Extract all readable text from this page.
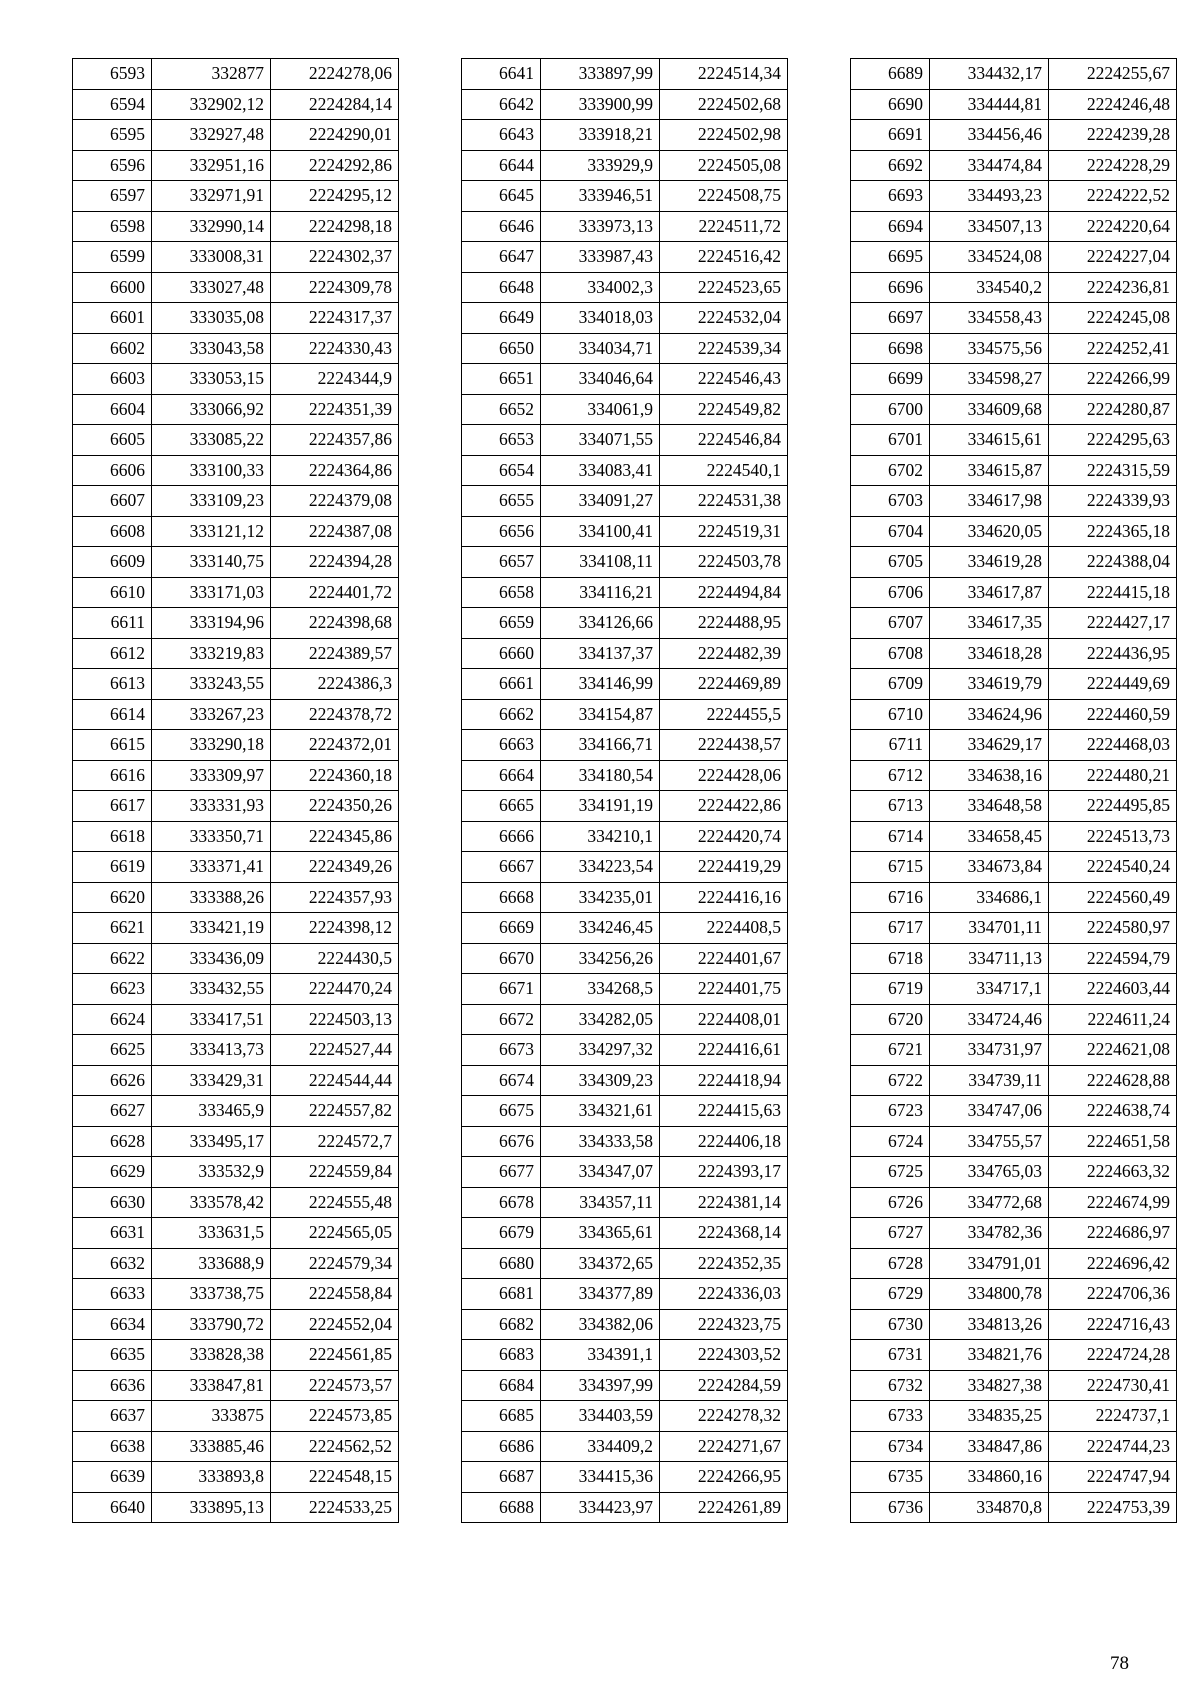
6593	332877	2224278,06
6594	332902,12	2224284,14
6595	332927,48	2224290,01
6596	332951,16	2224292,86
6597	332971,91	2224295,12
6598	332990,14	2224298,18
6599	333008,31	2224302,37
6600	333027,48	2224309,78
6601	333035,08	2224317,37
6602	333043,58	2224330,43
6603	333053,15	2224344,9
6604	333066,92	2224351,39
6605	333085,22	2224357,86
6606	333100,33	2224364,86
6607	333109,23	2224379,08
6608	333121,12	2224387,08
6609	333140,75	2224394,28
6610	333171,03	2224401,72
6611	333194,96	2224398,68
6612	333219,83	2224389,57
6613	333243,55	2224386,3
6614	333267,23	2224378,72
6615	333290,18	2224372,01
6616	333309,97	2224360,18
6617	333331,93	2224350,26
6618	333350,71	2224345,86
6619	333371,41	2224349,26
6620	333388,26	2224357,93
6621	333421,19	2224398,12
6622	333436,09	2224430,5
6623	333432,55	2224470,24
6624	333417,51	2224503,13
6625	333413,73	2224527,44
6626	333429,31	2224544,44
6627	333465,9	2224557,82
6628	333495,17	2224572,7
6629	333532,9	2224559,84
6630	333578,42	2224555,48
6631	333631,5	2224565,05
6632	333688,9	2224579,34
6633	333738,75	2224558,84
6634	333790,72	2224552,04
6635	333828,38	2224561,85
6636	333847,81	2224573,57
6637	333875	2224573,85
6638	333885,46	2224562,52
6639	333893,8	2224548,15
6640	333895,13	2224533,25
6641	333897,99	2224514,34
6642	333900,99	2224502,68
6643	333918,21	2224502,98
6644	333929,9	2224505,08
6645	333946,51	2224508,75
6646	333973,13	2224511,72
6647	333987,43	2224516,42
6648	334002,3	2224523,65
6649	334018,03	2224532,04
6650	334034,71	2224539,34
6651	334046,64	2224546,43
6652	334061,9	2224549,82
6653	334071,55	2224546,84
6654	334083,41	2224540,1
6655	334091,27	2224531,38
6656	334100,41	2224519,31
6657	334108,11	2224503,78
6658	334116,21	2224494,84
6659	334126,66	2224488,95
6660	334137,37	2224482,39
6661	334146,99	2224469,89
6662	334154,87	2224455,5
6663	334166,71	2224438,57
6664	334180,54	2224428,06
6665	334191,19	2224422,86
6666	334210,1	2224420,74
6667	334223,54	2224419,29
6668	334235,01	2224416,16
6669	334246,45	2224408,5
6670	334256,26	2224401,67
6671	334268,5	2224401,75
6672	334282,05	2224408,01
6673	334297,32	2224416,61
6674	334309,23	2224418,94
6675	334321,61	2224415,63
6676	334333,58	2224406,18
6677	334347,07	2224393,17
6678	334357,11	2224381,14
6679	334365,61	2224368,14
6680	334372,65	2224352,35
6681	334377,89	2224336,03
6682	334382,06	2224323,75
6683	334391,1	2224303,52
6684	334397,99	2224284,59
6685	334403,59	2224278,32
6686	334409,2	2224271,67
6687	334415,36	2224266,95
6688	334423,97	2224261,89
6689	334432,17	2224255,67
6690	334444,81	2224246,48
6691	334456,46	2224239,28
6692	334474,84	2224228,29
6693	334493,23	2224222,52
6694	334507,13	2224220,64
6695	334524,08	2224227,04
6696	334540,2	2224236,81
6697	334558,43	2224245,08
6698	334575,56	2224252,41
6699	334598,27	2224266,99
6700	334609,68	2224280,87
6701	334615,61	2224295,63
6702	334615,87	2224315,59
6703	334617,98	2224339,93
6704	334620,05	2224365,18
6705	334619,28	2224388,04
6706	334617,87	2224415,18
6707	334617,35	2224427,17
6708	334618,28	2224436,95
6709	334619,79	2224449,69
6710	334624,96	2224460,59
6711	334629,17	2224468,03
6712	334638,16	2224480,21
6713	334648,58	2224495,85
6714	334658,45	2224513,73
6715	334673,84	2224540,24
6716	334686,1	2224560,49
6717	334701,11	2224580,97
6718	334711,13	2224594,79
6719	334717,1	2224603,44
6720	334724,46	2224611,24
6721	334731,97	2224621,08
6722	334739,11	2224628,88
6723	334747,06	2224638,74
6724	334755,57	2224651,58
6725	334765,03	2224663,32
6726	334772,68	2224674,99
6727	334782,36	2224686,97
6728	334791,01	2224696,42
6729	334800,78	2224706,36
6730	334813,26	2224716,43
6731	334821,76	2224724,28
6732	334827,38	2224730,41
6733	334835,25	2224737,1
6734	334847,86	2224744,23
6735	334860,16	2224747,94
6736	334870,8	2224753,39
78
